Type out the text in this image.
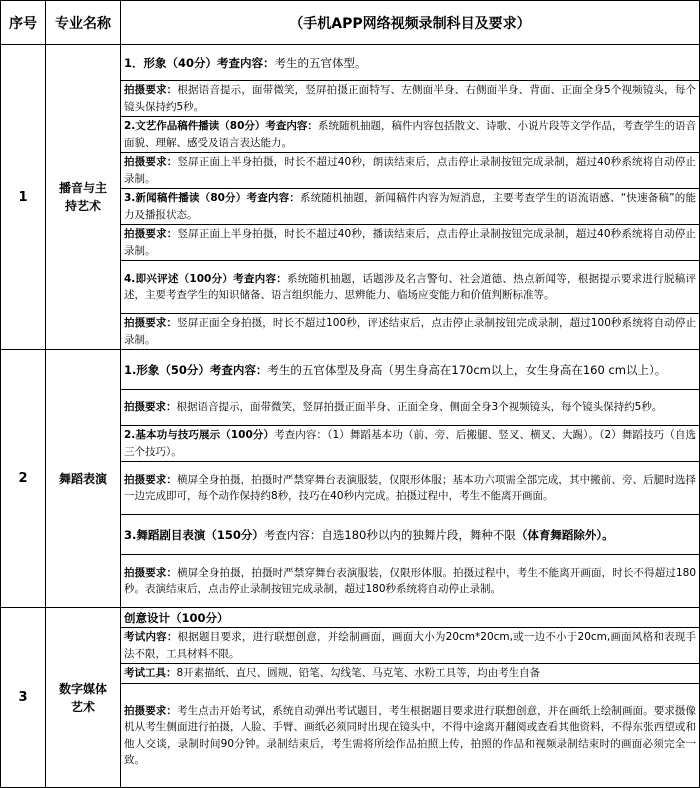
序号	专业名称	（手机APP网络视频录制科目及要求）
1	播音与主持艺术	1．形象（40分）考查内容：考生的五官体型。
		拍摄要求：根据语音提示，面带微笑，竖屏拍摄正面特写、左侧面半身、右侧面半身、背面、正面全身5个视频镜头，每个镜头保持约5秒。
		2.文艺作品稿件播读（80分）考查内容：系统随机抽题，稿件内容包括散文、诗歌、小说片段等文学作品，考查学生的语音面貌、理解、感受及语言表达能力。
		拍摄要求：竖屏正面上半身拍摄，时长不超过40秒，朗读结束后，点击停止录制按钮完成录制，超过40秒系统将自动停止录制。
		3.新闻稿件播读（80分）考查内容：系统随机抽题，新闻稿件内容为短消息，主要考查学生的语流语感、“快速备稿”的能力及播报状态。
		拍摄要求：竖屏正面上半身拍摄，时长不超过40秒，播读结束后，点击停止录制按钮完成录制，超过40秒系统将自动停止录制。
		4.即兴评述（100分）考查内容：系统随机抽题，话题涉及名言警句、社会道德、热点新闻等，根据提示要求进行脱稿评述，主要考查学生的知识储备、语言组织能力、思辨能力、临场应变能力和价值判断标准等。
		拍摄要求：竖屏正面全身拍摄，时长不超过100秒，评述结束后，点击停止录制按钮完成录制，超过100秒系统将自动停止录制。
2	舞蹈表演	1.形象（50分）考查内容：考生的五官体型及身高（男生身高在170cm以上，女生身高在160 cm以上）。
		拍摄要求：根据语音提示，面带微笑，竖屏拍摄正面半身、正面全身、侧面全身3个视频镜头，每个镜头保持约5秒。
		2.基本功与技巧展示（100分）考查内容：（1）舞蹈基本功（前、旁、后搬腿、竖叉、横叉、大踢）。（2）舞蹈技巧（自选三个技巧）。
		拍摄要求：横屏全身拍摄，拍摄时严禁穿舞台表演服装，仅限形体服；基本功六项需全部完成，其中搬前、旁、后腿时选择一边完成即可，每个动作保持约8秒，技巧在40秒内完成。拍摄过程中，考生不能离开画面。
		3.舞蹈剧目表演（150分）考查内容：自选180秒以内的独舞片段，舞种不限（体育舞蹈除外）。
		拍摄要求：横屏全身拍摄，拍摄时严禁穿舞台表演服装，仅限形体服。拍摄过程中，考生不能离开画面，时长不得超过180秒。表演结束后，点击停止录制按钮完成录制，超过180秒系统将自动停止录制。
3	数字媒体艺术	创意设计（100分）
		考试内容：根据题目要求，进行联想创意，并绘制画面，画面大小为20cm*20cm,或一边不小于20cm,画面风格和表现手法不限，工具材料不限。
		考试工具：8开素描纸、直尺、圆规、铅笔、勾线笔、马克笔、水粉工具等，均由考生自备
		拍摄要求：考生点击开始考试，系统自动弹出考试题目，考生根据题目要求进行联想创意，并在画纸上绘制画面。要求摄像机从考生侧面进行拍摄，人脸、手臂、画纸必须同时出现在镜头中，不得中途离开翻阅或查看其他资料，不得东张西望或和他人交谈，录制时间90分钟。录制结束后，考生需将所绘作品拍照上传，拍照的作品和视频录制结束时的画面必须完全一致。
